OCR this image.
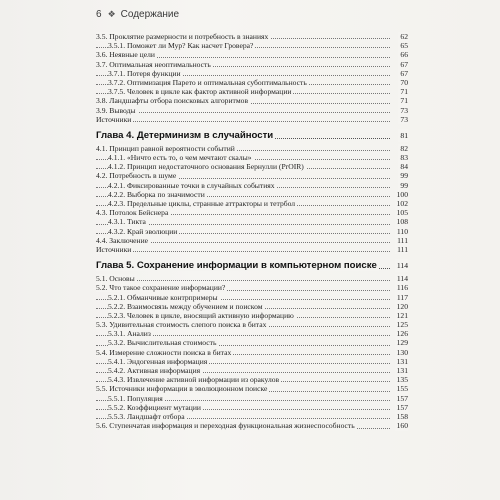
6 ❖ Содержание
3.5. Проклятие размерности и потребность в знаниях	62
3.5.1. Поможет ли Мур? Как насчет Гровера?	65
3.6. Неявные цели	66
3.7. Оптимальная неоптимальность	67
3.7.1. Потеря функции	67
3.7.2. Оптимизация Парето и оптимальная субоптимальность	70
3.7.5. Человек в цикле как фактор активной информации	71
3.8. Ландшафты отбора поисковых алгоритмов	71
3.9. Выводы	73
Источники	73
Глава 4. Детерминизм в случайности	81
4.1. Принцип равной вероятности событий	82
4.1.1. «Ничто есть то, о чем мечтают скалы»	83
4.1.2. Принцип недостаточного основания Бернулли (PrOIR)	84
4.2. Потребность в шуме	99
4.2.1. Фиксированные точки в случайных событиях	99
4.2.2. Выборка по значимости	100
4.2.3. Предельные циклы, странные аттракторы и тетрбол	102
4.3. Потолок Бейснера	105
4.3.1. Тикта	108
4.3.2. Край эволюции	110
4.4. Заключение	111
Источники	111
Глава 5. Сохранение информации в компьютерном поиске	114
5.1. Основы	114
5.2. Что такое сохранение информации?	116
5.2.1. Обманчивые контрпримеры	117
5.2.2. Взаимосвязь между обучением и поиском	120
5.2.3. Человек в цикле, вносящий активную информацию	121
5.3. Удивительная стоимость слепого поиска в битах	125
5.3.1. Анализ	126
5.3.2. Вычислительная стоимость	129
5.4. Измерение сложности поиска в битах	130
5.4.1. Эндогенная информация	131
5.4.2. Активная информация	131
5.4.3. Извлечение активной информации из оракулов	135
5.5. Источники информации в эволюционном поиске	155
5.5.1. Популяция	157
5.5.2. Коэффициент мутации	157
5.5.3. Ландшафт отбора	158
5.6. Ступенчатая информация и переходная функциональная жизнеспособность	160
